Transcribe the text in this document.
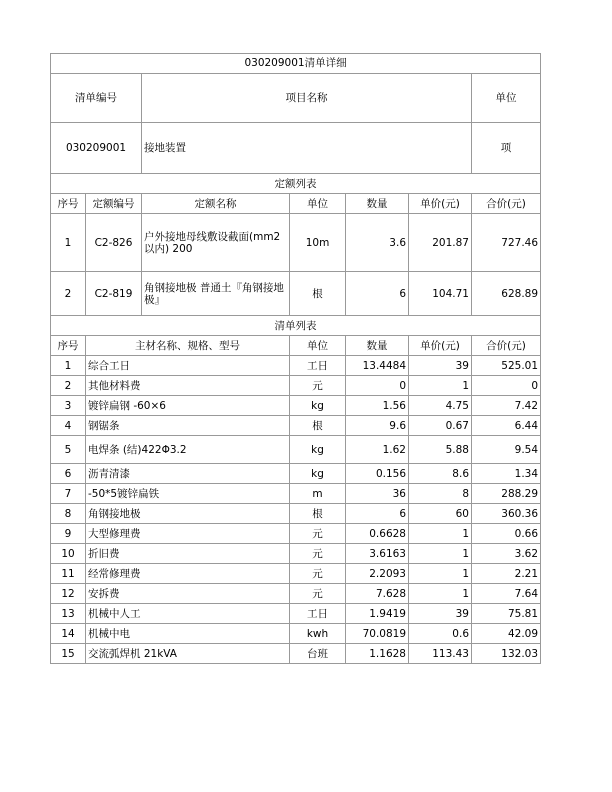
030209001清单详细							
清单编号		项目名称				单位	
030209001		接地装置				项	
定额列表							
序号	定额编号	定额名称	单位	数量	单价(元)	合价(元)	
1	C2-826	户外接地母线敷设截面(mm2以内) 200	10m	3.6	201.87	727.46	
2	C2-819	角钢接地极 普通土『角钢接地极』	根	6	104.71	628.89	
清单列表							
序号	主材名称、规格、型号		单位	数量	单价(元)	合价(元)	
1	综合工日		工日	13.4484	39	525.01	
2	其他材料费		元	0	1	0	
3	镀锌扁钢 -60×6		kg	1.56	4.75	7.42	
4	钢锯条		根	9.6	0.67	6.44	
5	电焊条 (结)422Φ3.2		kg	1.62	5.88	9.54	
6	沥青清漆		kg	0.156	8.6	1.34	
7	-50*5镀锌扁铁		m	36	8	288.29	
8	角钢接地极		根	6	60	360.36	
9	大型修理费		元	0.6628	1	0.66	
10	折旧费		元	3.6163	1	3.62	
11	经常修理费		元	2.2093	1	2.21	
12	安拆费		元	7.628	1	7.64	
13	机械中人工		工日	1.9419	39	75.81	
14	机械中电		kwh	70.0819	0.6	42.09	
15	交流弧焊机 21kVA		台班	1.1628	113.43	132.03	
